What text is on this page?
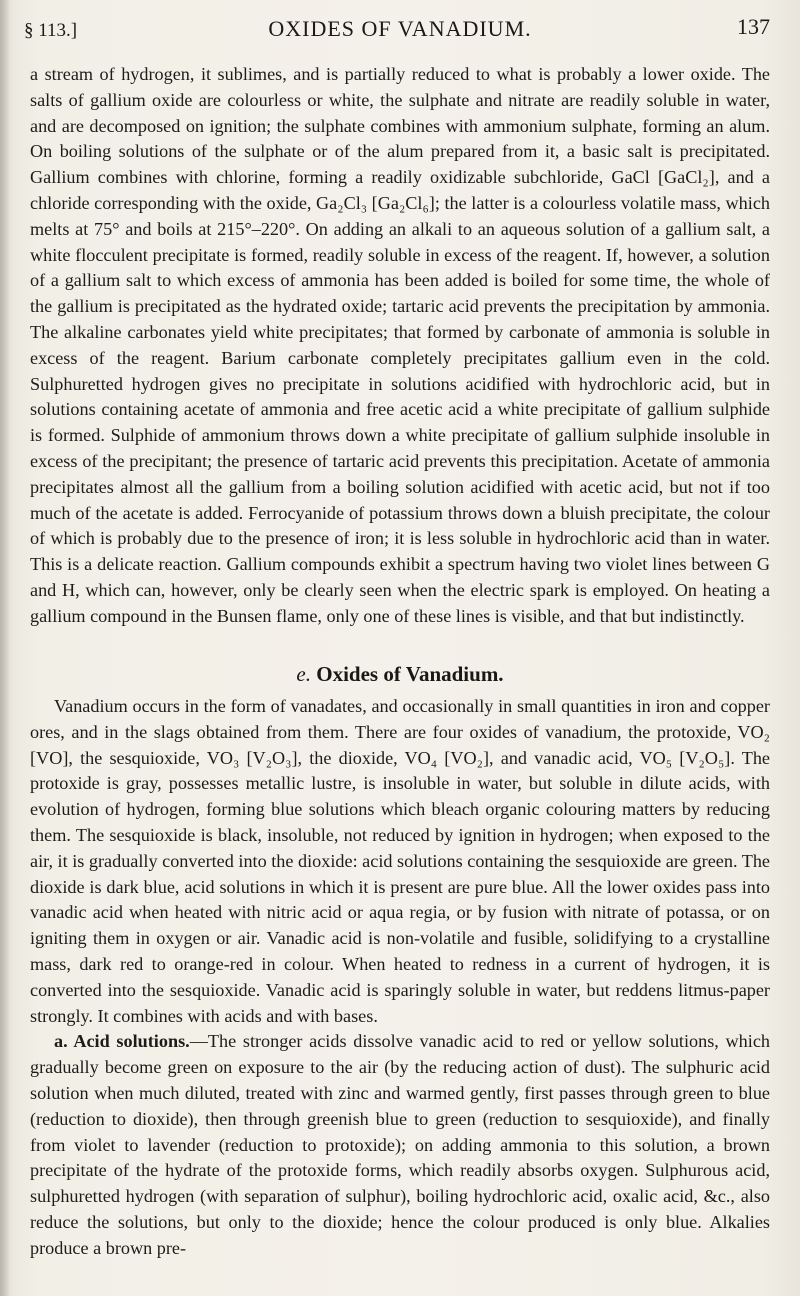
§ 113.]	OXIDES OF VANADIUM.	137

a stream of hydrogen, it sublimes, and is partially reduced to what is probably a lower oxide. The salts of gallium oxide are colourless or white, the sulphate and nitrate are readily soluble in water, and are decomposed on ignition; the sulphate combines with ammonium sulphate, forming an alum. On boiling solutions of the sulphate or of the alum prepared from it, a basic salt is precipitated. Gallium combines with chlorine, forming a readily oxidizable subchloride, GaCl [GaCl₂], and a chloride corresponding with the oxide, Ga₂Cl₃ [Ga₂Cl₆]; the latter is a colourless volatile mass, which melts at 75° and boils at 215°–220°. On adding an alkali to an aqueous solution of a gallium salt, a white flocculent precipitate is formed, readily soluble in excess of the reagent. If, however, a solution of a gallium salt to which excess of ammonia has been added is boiled for some time, the whole of the gallium is precipitated as the hydrated oxide; tartaric acid prevents the precipitation by ammonia. The alkaline carbonates yield white precipitates; that formed by carbonate of ammonia is soluble in excess of the reagent. Barium carbonate completely precipitates gallium even in the cold. Sulphuretted hydrogen gives no precipitate in solutions acidified with hydrochloric acid, but in solutions containing acetate of ammonia and free acetic acid a white precipitate of gallium sulphide is formed. Sulphide of ammonium throws down a white precipitate of gallium sulphide insoluble in excess of the precipitant; the presence of tartaric acid prevents this precipitation. Acetate of ammonia precipitates almost all the gallium from a boiling solution acidified with acetic acid, but not if too much of the acetate is added. Ferrocyanide of potassium throws down a bluish precipitate, the colour of which is probably due to the presence of iron; it is less soluble in hydrochloric acid than in water. This is a delicate reaction. Gallium compounds exhibit a spectrum having two violet lines between G and H, which can, however, only be clearly seen when the electric spark is employed. On heating a gallium compound in the Bunsen flame, only one of these lines is visible, and that but indistinctly.

e. Oxides of Vanadium.

Vanadium occurs in the form of vanadates, and occasionally in small quantities in iron and copper ores, and in the slags obtained from them. There are four oxides of vanadium, the protoxide, VO₂ [VO], the sesquioxide, VO₃ [V₂O₃], the dioxide, VO₄ [VO₂], and vanadic acid, VO₅ [V₂O₅]. The protoxide is gray, possesses metallic lustre, is insoluble in water, but soluble in dilute acids, with evolution of hydrogen, forming blue solutions which bleach organic colouring matters by reducing them. The sesquioxide is black, insoluble, not reduced by ignition in hydrogen; when exposed to the air, it is gradually converted into the dioxide: acid solutions containing the sesquioxide are green. The dioxide is dark blue, acid solutions in which it is present are pure blue. All the lower oxides pass into vanadic acid when heated with nitric acid or aqua regia, or by fusion with nitrate of potassa, or on igniting them in oxygen or air. Vanadic acid is non-volatile and fusible, solidifying to a crystalline mass, dark red to orange-red in colour. When heated to redness in a current of hydrogen, it is converted into the sesquioxide. Vanadic acid is sparingly soluble in water, but reddens litmus-paper strongly. It combines with acids and with bases.

a. Acid solutions.—The stronger acids dissolve vanadic acid to red or yellow solutions, which gradually become green on exposure to the air (by the reducing action of dust). The sulphuric acid solution when much diluted, treated with zinc and warmed gently, first passes through green to blue (reduction to dioxide), then through greenish blue to green (reduction to sesquioxide), and finally from violet to lavender (reduction to protoxide); on adding ammonia to this solution, a brown precipitate of the hydrate of the protoxide forms, which readily absorbs oxygen. Sulphurous acid, sulphuretted hydrogen (with separation of sulphur), boiling hydrochloric acid, oxalic acid, &c., also reduce the solutions, but only to the dioxide; hence the colour produced is only blue. Alkalies produce a brown pre-
